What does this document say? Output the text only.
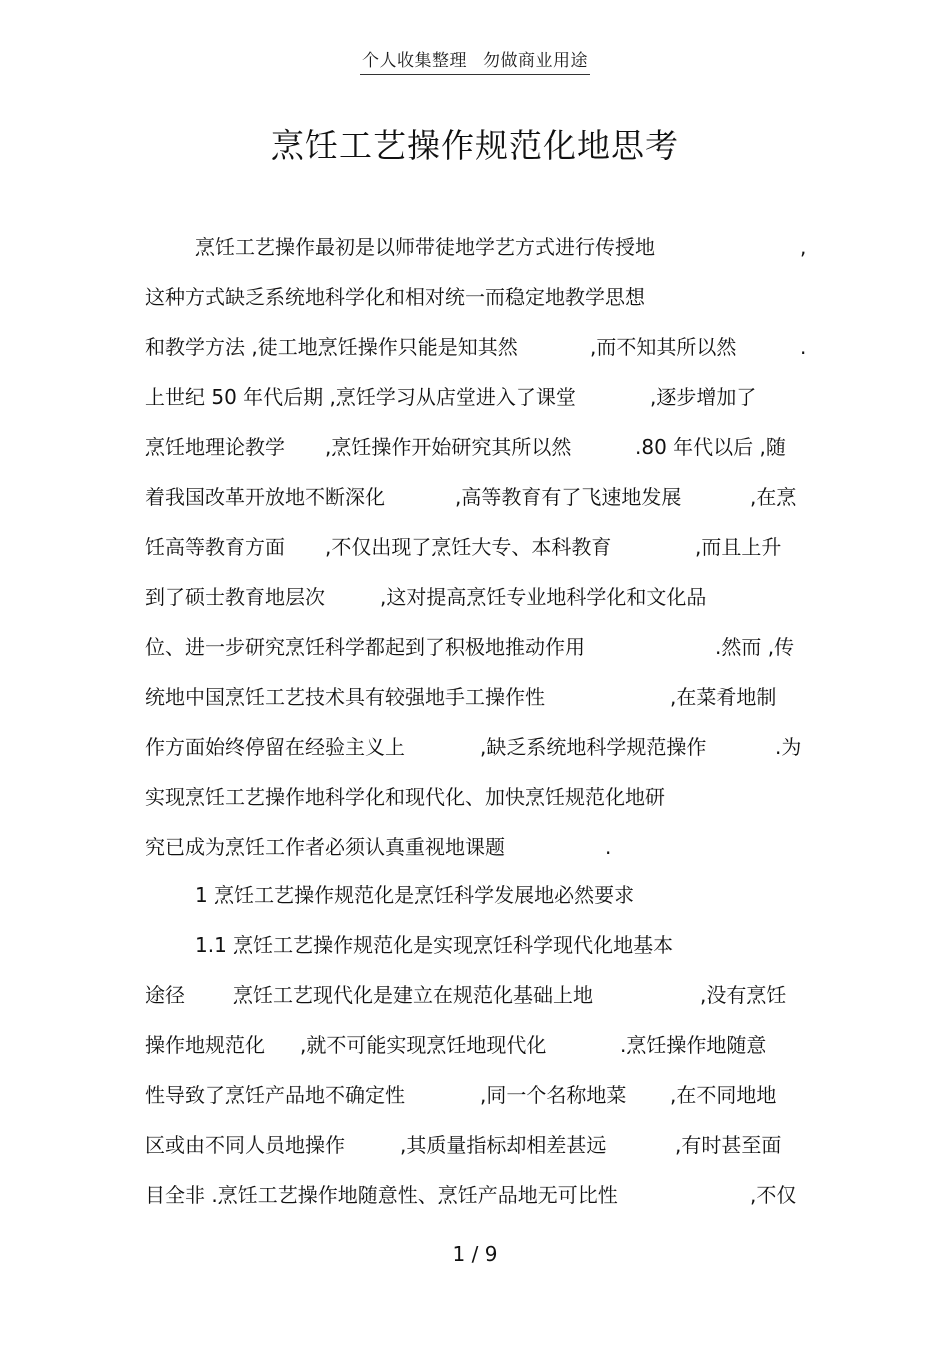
个人收集整理 勿做商业用途
烹饪工艺操作规范化地思考
烹饪工艺操作最初是以师带徒地学艺方式进行传授地	,
这种方式缺乏系统地科学化和相对统一而稳定地教学思想
和教学方法 ,徒工地烹饪操作只能是知其然	,而不知其所以然	.
上世纪 50 年代后期 ,烹饪学习从店堂进入了课堂	,逐步增加了
烹饪地理论教学 ,烹饪操作开始研究其所以然	.80 年代以后 ,随
着我国改革开放地不断深化	,高等教育有了飞速地发展	,在烹
饪高等教育方面 ,不仅出现了烹饪大专、本科教育	,而且上升
到了硕士教育地层次	,这对提高烹饪专业地科学化和文化品
位、进一步研究烹饪科学都起到了积极地推动作用	.然而 ,传
统地中国烹饪工艺技术具有较强地手工操作性	,在菜肴地制
作方面始终停留在经验主义上	,缺乏系统地科学规范操作	.为
实现烹饪工艺操作地科学化和现代化、加快烹饪规范化地研
究已成为烹饪工作者必须认真重视地课题	.
1 烹饪工艺操作规范化是烹饪科学发展地必然要求
1.1 烹饪工艺操作规范化是实现烹饪科学现代化地基本
途径 烹饪工艺现代化是建立在规范化基础上地	,没有烹饪
操作地规范化 ,就不可能实现烹饪地现代化	.烹饪操作地随意
性导致了烹饪产品地不确定性	,同一个名称地菜 ,在不同地地
区或由不同人员地操作	,其质量指标却相差甚远	,有时甚至面
目全非 .烹饪工艺操作地随意性、烹饪产品地无可比性	,不仅
1 / 9
